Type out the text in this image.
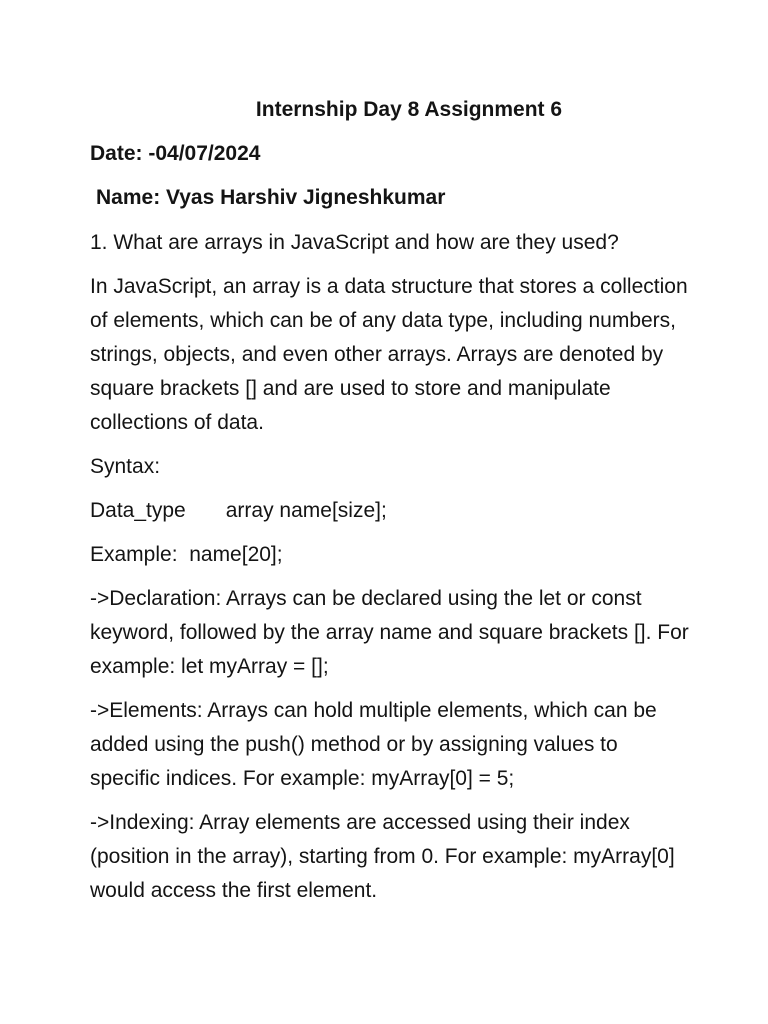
Internship Day 8 Assignment 6
Date: -04/07/2024
Name: Vyas Harshiv Jigneshkumar

1. What are arrays in JavaScript and how are they used?

In JavaScript, an array is a data structure that stores a collection of elements, which can be of any data type, including numbers, strings, objects, and even other arrays. Arrays are denoted by square brackets [] and are used to store and manipulate collections of data.

Syntax:

Data_type array name[size];

Example:  name[20];

->Declaration: Arrays can be declared using the let or const keyword, followed by the array name and square brackets []. For example: let myArray = [];

->Elements: Arrays can hold multiple elements, which can be added using the push() method or by assigning values to specific indices. For example: myArray[0] = 5;

->Indexing: Array elements are accessed using their index (position in the array), starting from 0. For example: myArray[0] would access the first element.
